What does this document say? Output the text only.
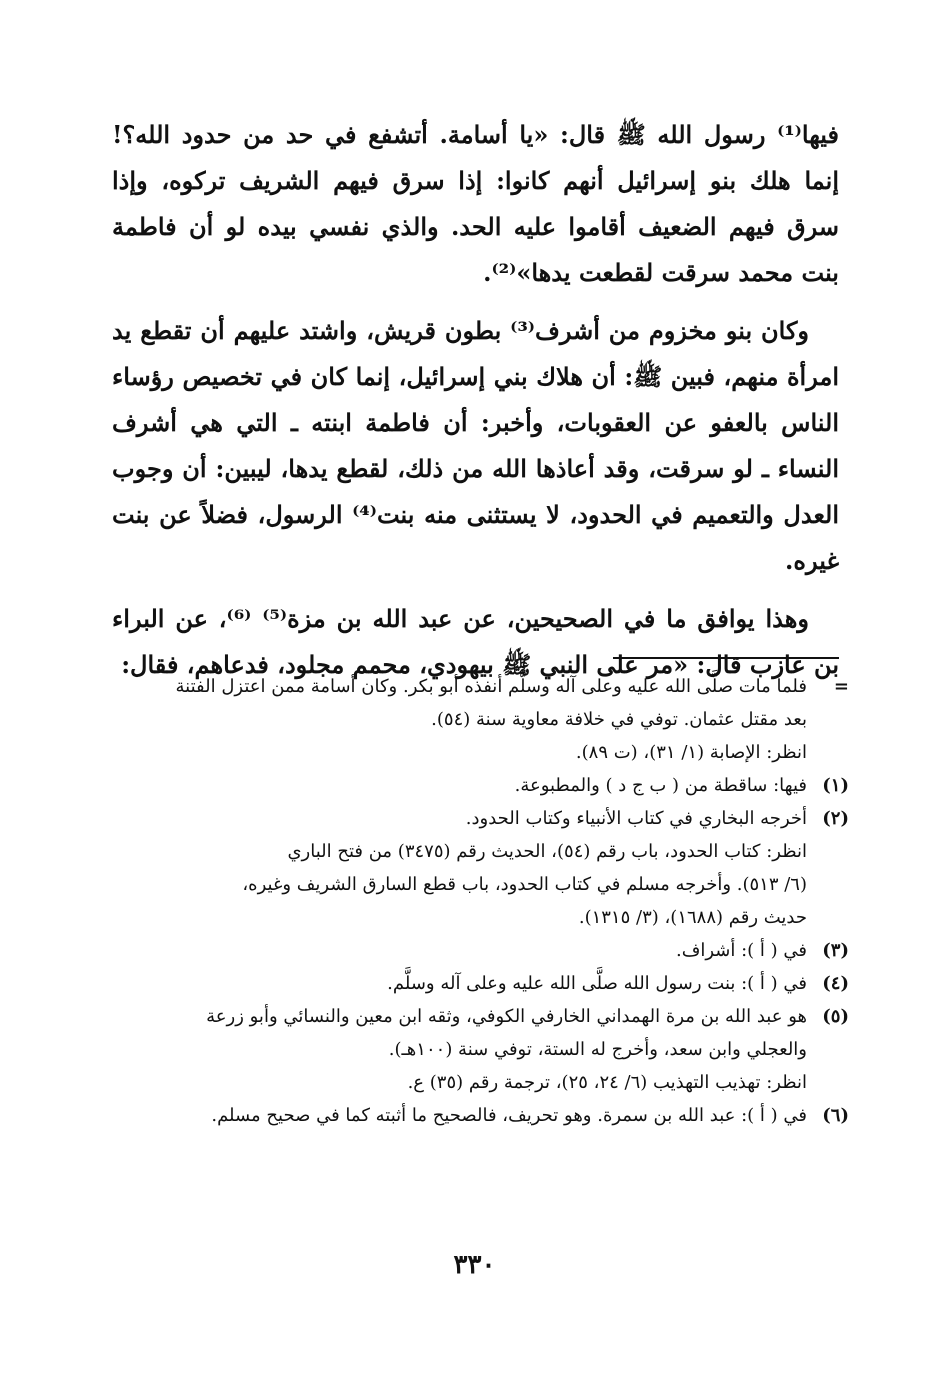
فيها⁽¹⁾ رسول الله ﷺ قال: «يا أسامة. أتشفع في حد من حدود الله؟! إنما هلك بنو إسرائيل أنهم كانوا: إذا سرق فيهم الشريف تركوه، وإذا سرق فيهم الضعيف أقاموا عليه الحد. والذي نفسي بيده لو أن فاطمة بنت محمد سرقت لقطعت يدها»⁽²⁾.

وكان بنو مخزوم من أشرف⁽³⁾ بطون قريش، واشتد عليهم أن تقطع يد امرأة منهم، فبين ﷺ: أن هلاك بني إسرائيل، إنما كان في تخصيص رؤساء الناس بالعفو عن العقوبات، وأخبر: أن فاطمة ابنته ـ التي هي أشرف النساء ـ لو سرقت، وقد أعاذها الله من ذلك، لقطع يدها، ليبين: أن وجوب العدل والتعميم في الحدود، لا يستثنى منه بنت⁽⁴⁾ الرسول، فضلاً عن بنت غيره.

وهذا يوافق ما في الصحيحين، عن عبد الله بن مزة⁽⁵⁾ ⁽⁶⁾، عن البراء بن عازب قال: «مر على النبي ﷺ بيهودي، محمم مجلود، فدعاهم، فقال:

=
فلما مات صلَّى الله عليه وعلى آله وسلَّم أنفذه أبو بكر. وكان أسامة ممن اعتزل الفتنة
بعد مقتل عثمان. توفي في خلافة معاوية سنة (٥٤).
انظر: الإصابة (١/ ٣١)، (ت ٨٩).
(١)
فيها: ساقطة من ( ب ج د ) والمطبوعة.
(٢)
أخرجه البخاري في كتاب الأنبياء وكتاب الحدود.
انظر: كتاب الحدود، باب رقم (٥٤)، الحديث رقم (٣٤٧٥) من فتح الباري
(٦/ ٥١٣). وأخرجه مسلم في كتاب الحدود، باب قطع السارق الشريف وغيره،
حديث رقم (١٦٨٨)، (٣/ ١٣١٥).
(٣)
في ( أ ): أشراف.
(٤)
في ( أ ): بنت رسول الله صلَّى الله عليه وعلى آله وسلَّم.
(٥)
هو عبد الله بن مرة الهمداني الخارفي الكوفي، وثقه ابن معين والنسائي وأبو زرعة
والعجلي وابن سعد، وأخرج له الستة، توفي سنة (١٠٠هـ).
انظر: تهذيب التهذيب (٦/ ٢٤، ٢٥)، ترجمة رقم (٣٥) ع.
(٦)
في ( أ ): عبد الله بن سمرة. وهو تحريف، فالصحيح ما أثبته كما في صحيح مسلم.
٣٣٠
